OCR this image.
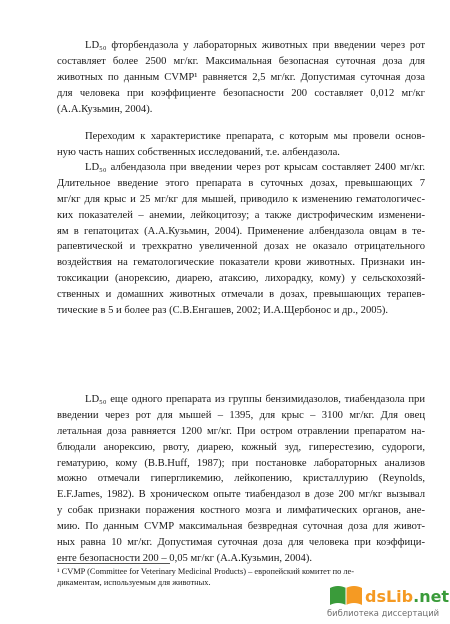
LD₅₀ фторбендазола у лабораторных животных при введении через рот
составляет более 2500 мг/кг. Максимальная безопасная суточная доза для
животных по данным CVMP¹ равняется 2,5 мг/кг. Допустимая суточная доза
для человека при коэффициенте безопасности 200 составляет 0,012 мг/кг
(А.А.Кузьмин, 2004).
Переходим к характеристике препарата, с которым мы провели основ-
ную часть наших собственных исследований, т.е. албендазола.
LD₅₀ албендазола при введении через рот крысам составляет 2400 мг/кг.
Длительное введение этого препарата в суточных дозах, превышающих 7
мг/кг для крыс и 25 мг/кг для мышей, приводило к изменению гематологичес-
ких показателей – анемии, лейкоцитозу; а также дистрофическим изменени-
ям в гепатоцитах (А.А.Кузьмин, 2004). Применение албендазола овцам в те-
рапевтической и трехкратно увеличенной дозах не оказало отрицательного
воздействия на гематологические показатели крови животных. Признаки ин-
токсикации (анорексию, диарею, атаксию, лихорадку, кому) у сельскохозяй-
ственных и домашних животных отмечали в дозах, превышающих терапев-
тические в 5 и более раз (С.В.Енгашев, 2002; И.А.Щербонос и др., 2005).
LD₅₀ еще одного препарата из группы бензимидазолов, тиабендазола при
введении через рот для мышей – 1395, для крыс – 3100 мг/кг. Для овец
летальная доза равняется 1200 мг/кг. При остром отравлении препаратом на-
блюдали анорексию, рвоту, диарею, кожный зуд, гиперестезию, судороги,
гематурию, кому (B.B.Huff, 1987); при постановке лабораторных анализов
можно отмечали гипергликемию, лейкопению, кристаллурию (Reynolds,
E.F.James, 1982). В хроническом опыте тиабендазол в дозе 200 мг/кг вызывал
у собак признаки поражения костного мозга и лимфатических органов, ане-
мию. По данным CVMP максимальная безвредная суточная доза для живот-
ных равна 10 мг/кг. Допустимая суточная доза для человека при коэффици-
енте безопасности 200 – 0,05 мг/кг (А.А.Кузьмин, 2004).
¹ CVMP (Committee for Veterinary Medicinal Products) – европейский комитет по ле-
дикаментам, используемым для животных.
dsLib.net
библиотека диссертаций
